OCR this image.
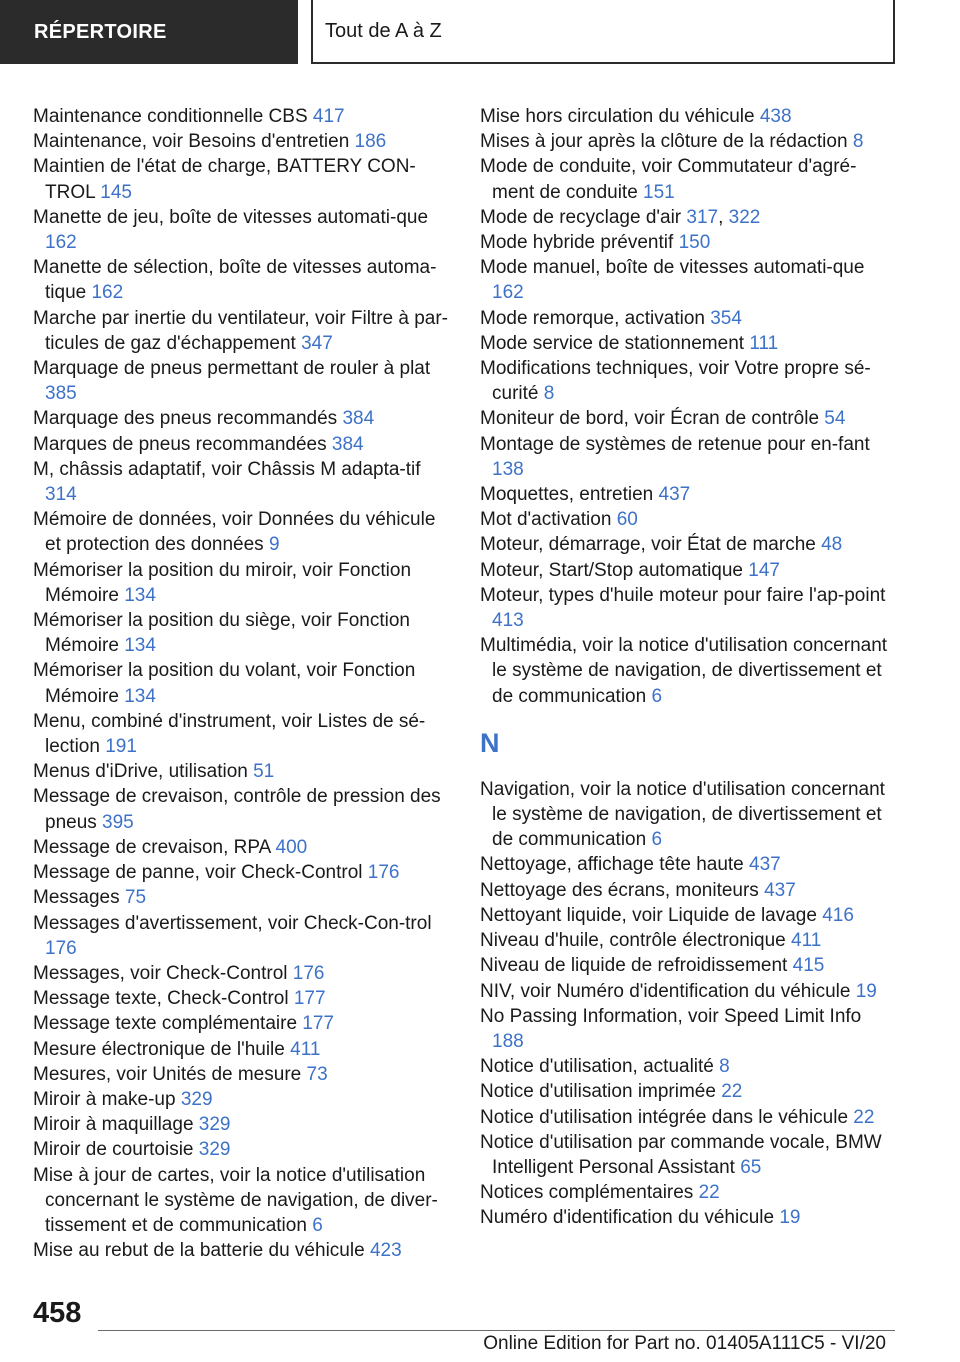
RÉPERTOIRE	Tout de A à Z
Maintenance conditionnelle CBS 417
Maintenance, voir Besoins d'entretien 186
Maintien de l'état de charge, BATTERY CON-TROL 145
Manette de jeu, boîte de vitesses automati-que 162
Manette de sélection, boîte de vitesses automa-tique 162
Marche par inertie du ventilateur, voir Filtre à par-ticules de gaz d'échappement 347
Marquage de pneus permettant de rouler à plat 385
Marquage des pneus recommandés 384
Marques de pneus recommandées 384
M, châssis adaptatif, voir Châssis M adapta-tif 314
Mémoire de données, voir Données du véhicule et protection des données 9
Mémoriser la position du miroir, voir Fonction Mémoire 134
Mémoriser la position du siège, voir Fonction Mémoire 134
Mémoriser la position du volant, voir Fonction Mémoire 134
Menu, combiné d'instrument, voir Listes de sé-lection 191
Menus d'iDrive, utilisation 51
Message de crevaison, contrôle de pression des pneus 395
Message de crevaison, RPA 400
Message de panne, voir Check-Control 176
Messages 75
Messages d'avertissement, voir Check-Con-trol 176
Messages, voir Check-Control 176
Message texte, Check-Control 177
Message texte complémentaire 177
Mesure électronique de l'huile 411
Mesures, voir Unités de mesure 73
Miroir à make-up 329
Miroir à maquillage 329
Miroir de courtoisie 329
Mise à jour de cartes, voir la notice d'utilisation concernant le système de navigation, de diver-tissement et de communication 6
Mise au rebut de la batterie du véhicule 423
Mise hors circulation du véhicule 438
Mises à jour après la clôture de la rédaction 8
Mode de conduite, voir Commutateur d'agré-ment de conduite 151
Mode de recyclage d'air 317, 322
Mode hybride préventif 150
Mode manuel, boîte de vitesses automati-que 162
Mode remorque, activation 354
Mode service de stationnement 111
Modifications techniques, voir Votre propre sé-curité 8
Moniteur de bord, voir Écran de contrôle 54
Montage de systèmes de retenue pour en-fant 138
Moquettes, entretien 437
Mot d'activation 60
Moteur, démarrage, voir État de marche 48
Moteur, Start/Stop automatique 147
Moteur, types d'huile moteur pour faire l'ap-point 413
Multimédia, voir la notice d'utilisation concernant le système de navigation, de divertissement et de communication 6
N
Navigation, voir la notice d'utilisation concernant le système de navigation, de divertissement et de communication 6
Nettoyage, affichage tête haute 437
Nettoyage des écrans, moniteurs 437
Nettoyant liquide, voir Liquide de lavage 416
Niveau d'huile, contrôle électronique 411
Niveau de liquide de refroidissement 415
NIV, voir Numéro d'identification du véhicule 19
No Passing Information, voir Speed Limit Info 188
Notice d'utilisation, actualité 8
Notice d'utilisation imprimée 22
Notice d'utilisation intégrée dans le véhicule 22
Notice d'utilisation par commande vocale, BMW Intelligent Personal Assistant 65
Notices complémentaires 22
Numéro d'identification du véhicule 19
458
Online Edition for Part no. 01405A111C5 - VI/20
